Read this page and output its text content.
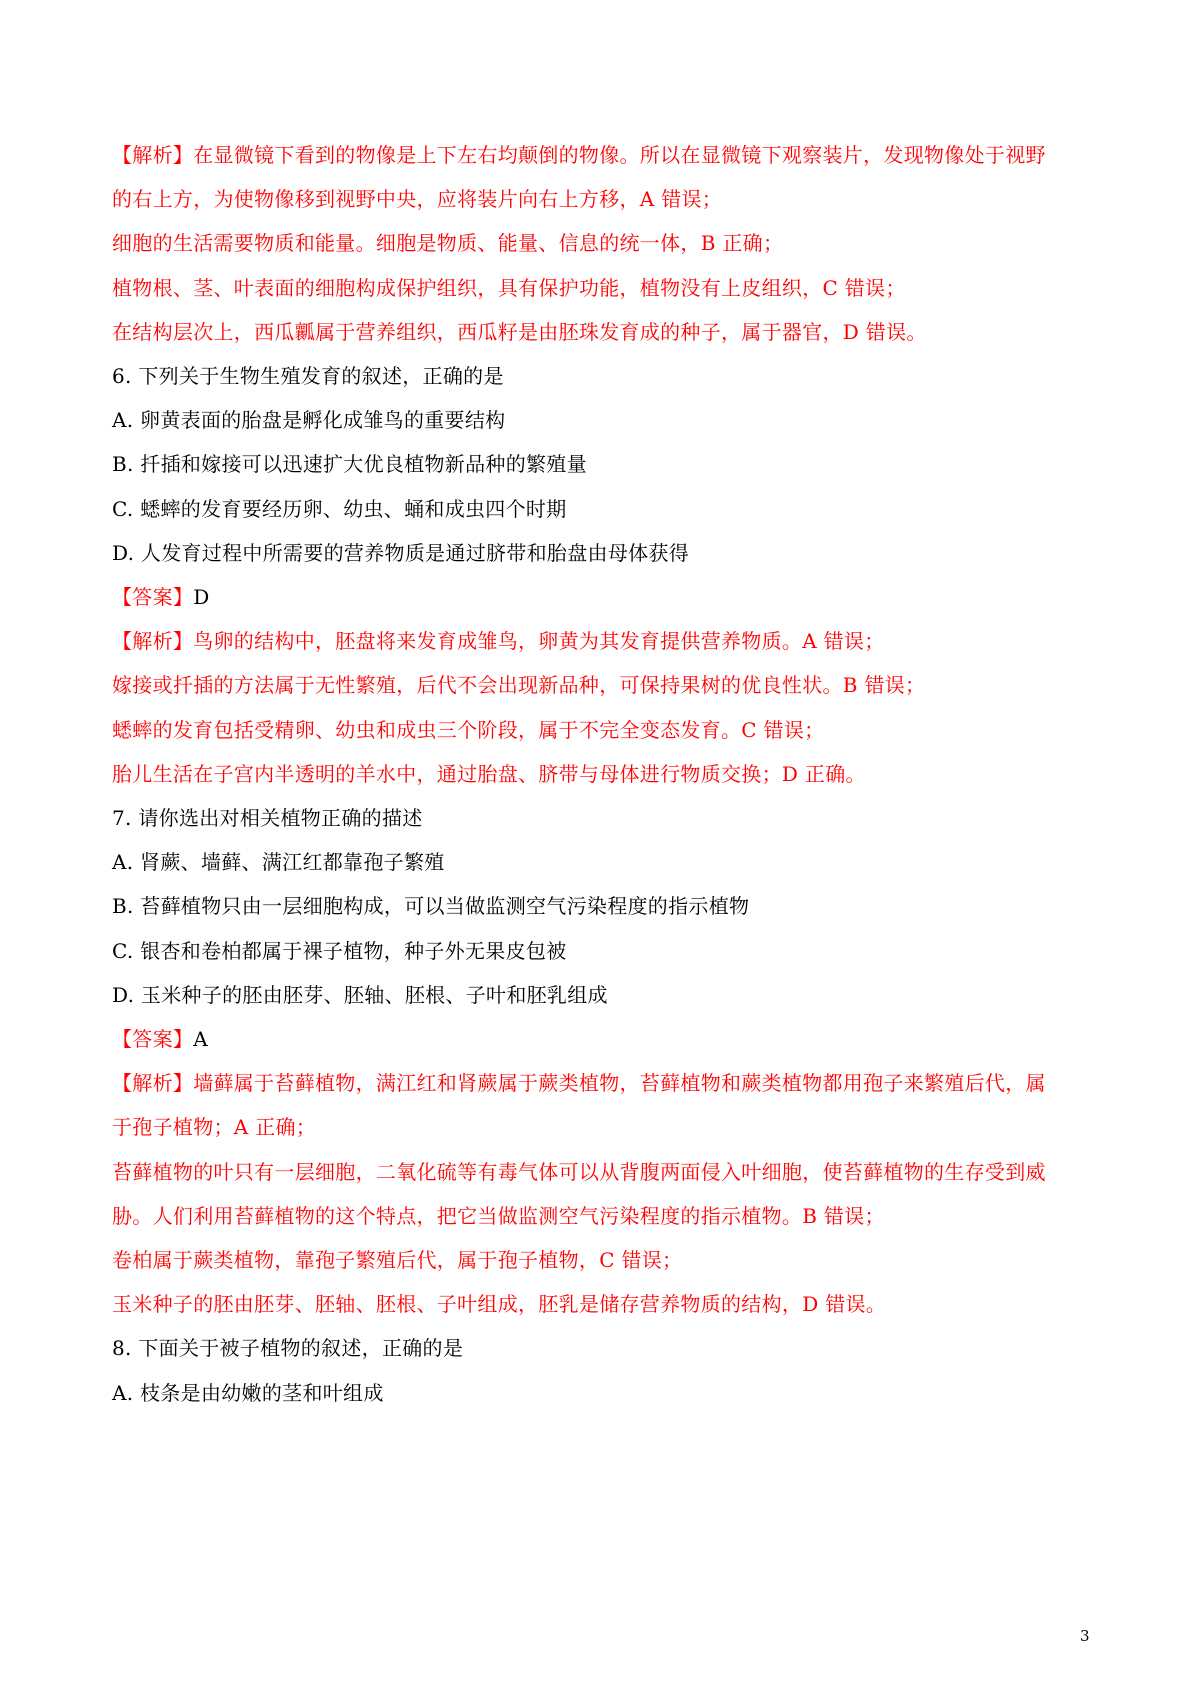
【解析】在显微镜下看到的物像是上下左右均颠倒的物像。所以在显微镜下观察装片，发现物像处于视野
的右上方，为使物像移到视野中央，应将装片向右上方移，A 错误；
细胞的生活需要物质和能量。细胞是物质、能量、信息的统一体，B 正确；
植物根、茎、叶表面的细胞构成保护组织，具有保护功能，植物没有上皮组织，C 错误；
在结构层次上，西瓜瓤属于营养组织，西瓜籽是由胚珠发育成的种子，属于器官，D 错误。
6. 下列关于生物生殖发育的叙述，正确的是
A. 卵黄表面的胎盘是孵化成雏鸟的重要结构
B. 扦插和嫁接可以迅速扩大优良植物新品种的繁殖量
C. 蟋蟀的发育要经历卵、幼虫、蛹和成虫四个时期
D. 人发育过程中所需要的营养物质是通过脐带和胎盘由母体获得
【答案】D
【解析】鸟卵的结构中，胚盘将来发育成雏鸟，卵黄为其发育提供营养物质。A 错误；
嫁接或扦插的方法属于无性繁殖，后代不会出现新品种，可保持果树的优良性状。B 错误；
蟋蟀的发育包括受精卵、幼虫和成虫三个阶段，属于不完全变态发育。C 错误；
胎儿生活在子宫内半透明的羊水中，通过胎盘、脐带与母体进行物质交换；D 正确。
7. 请你选出对相关植物正确的描述
A. 肾蕨、墙藓、满江红都靠孢子繁殖
B. 苔藓植物只由一层细胞构成，可以当做监测空气污染程度的指示植物
C. 银杏和卷柏都属于裸子植物，种子外无果皮包被
D. 玉米种子的胚由胚芽、胚轴、胚根、子叶和胚乳组成
【答案】A
【解析】墙藓属于苔藓植物，满江红和肾蕨属于蕨类植物，苔藓植物和蕨类植物都用孢子来繁殖后代，属
于孢子植物；A 正确；
苔藓植物的叶只有一层细胞，二氧化硫等有毒气体可以从背腹两面侵入叶细胞，使苔藓植物的生存受到威
胁。人们利用苔藓植物的这个特点，把它当做监测空气污染程度的指示植物。B 错误；
卷柏属于蕨类植物，靠孢子繁殖后代，属于孢子植物，C 错误；
玉米种子的胚由胚芽、胚轴、胚根、子叶组成，胚乳是储存营养物质的结构，D 错误。
8. 下面关于被子植物的叙述，正确的是
A. 枝条是由幼嫩的茎和叶组成
3
